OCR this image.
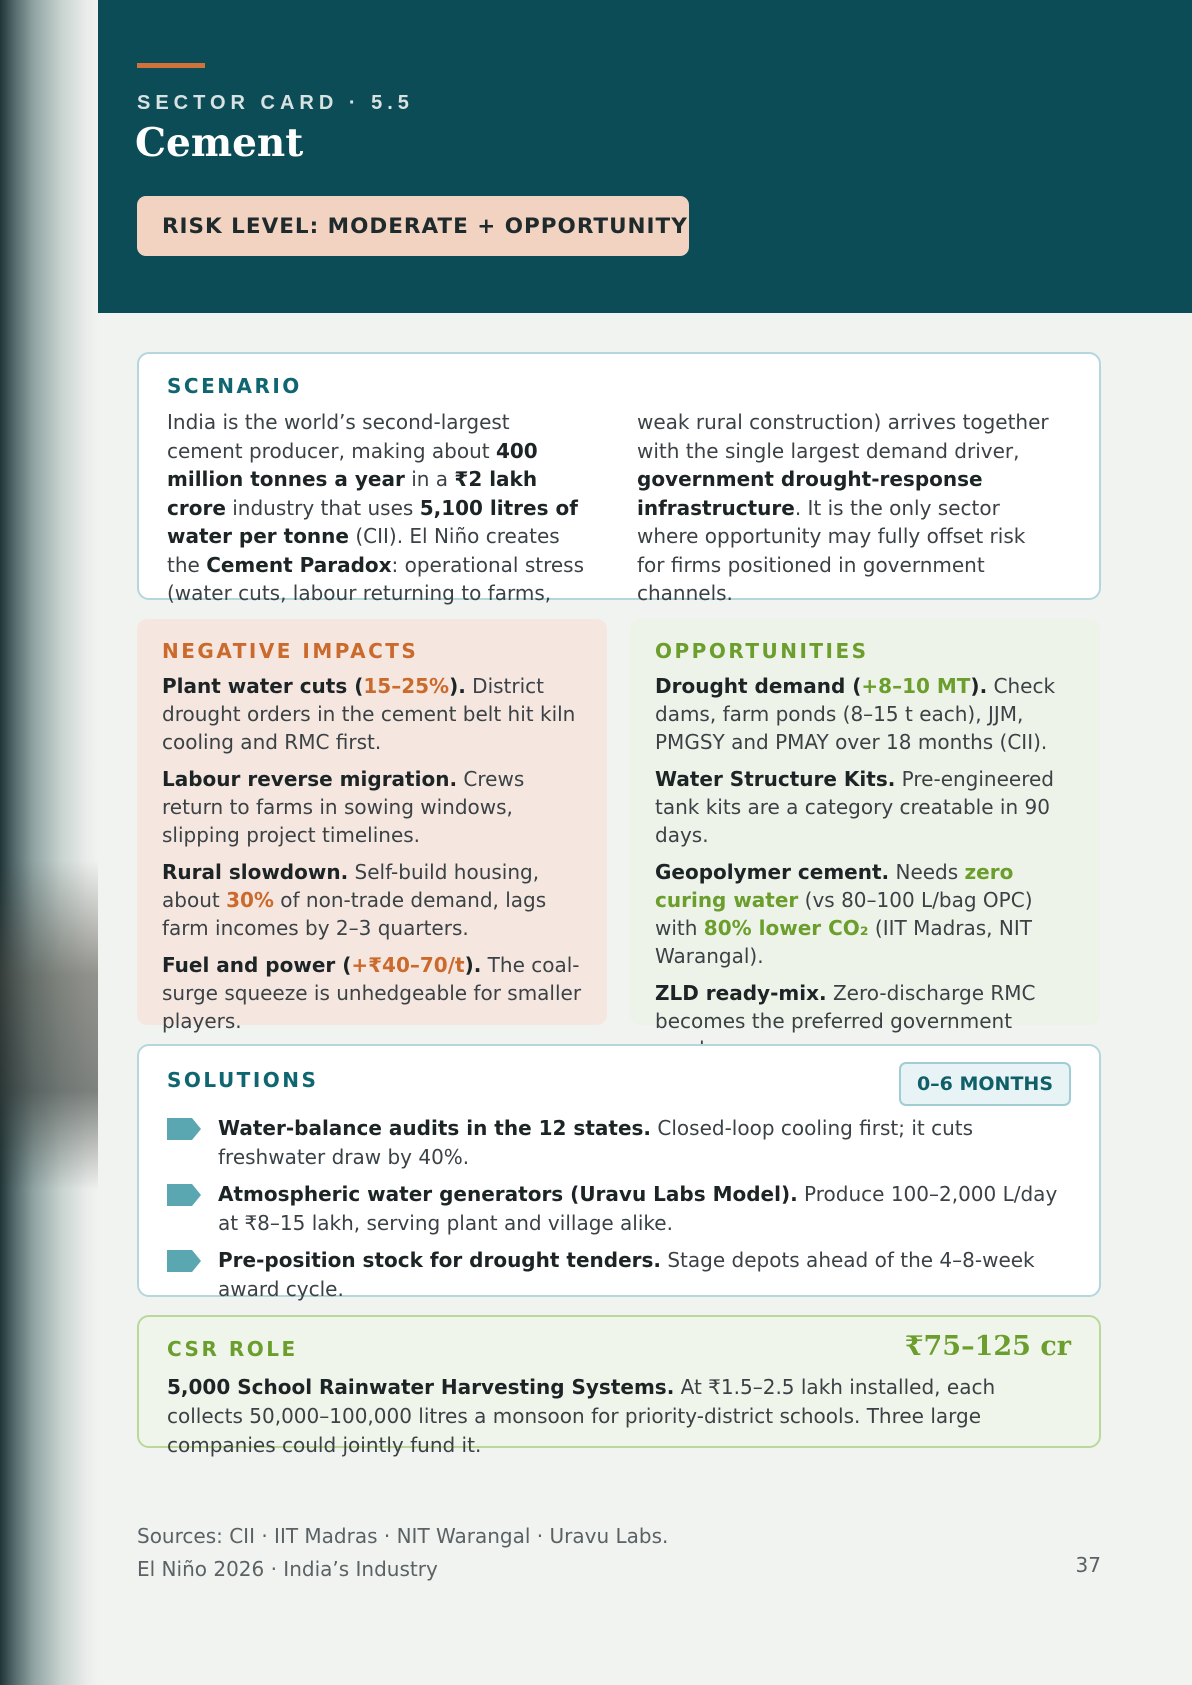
SECTOR CARD · 5.5
Cement
RISK LEVEL: MODERATE + OPPORTUNITY
SCENARIO
India is the world’s second-largest cement producer, making about 400 million tonnes a year in a ₹2 lakh crore industry that uses 5,100 litres of water per tonne (CII). El Niño creates the Cement Paradox: operational stress (water cuts, labour returning to farms,
weak rural construction) arrives together with the single largest demand driver, government drought-response infrastructure. It is the only sector where opportunity may fully offset risk for firms positioned in government channels.
NEGATIVE IMPACTS
Plant water cuts (15–25%). District drought orders in the cement belt hit kiln cooling and RMC first.
Labour reverse migration. Crews return to farms in sowing windows, slipping project timelines.
Rural slowdown. Self-build housing, about 30% of non-trade demand, lags farm incomes by 2–3 quarters.
Fuel and power (+₹40–70/t). The coal-surge squeeze is unhedgeable for smaller players.
OPPORTUNITIES
Drought demand (+8–10 MT). Check dams, farm ponds (8–15 t each), JJM, PMGSY and PMAY over 18 months (CII).
Water Structure Kits. Pre-engineered tank kits are a category creatable in 90 days.
Geopolymer cement. Needs zero curing water (vs 80–100 L/bag OPC) with 80% lower CO₂ (IIT Madras, NIT Warangal).
ZLD ready-mix. Zero-discharge RMC becomes the preferred government
SOLUTIONS	0–6 MONTHS
Water-balance audits in the 12 states. Closed-loop cooling first; it cuts freshwater draw by 40%.
Atmospheric water generators (Uravu Labs Model). Produce 100–2,000 L/day at ₹8–15 lakh, serving plant and village alike.
Pre-position stock for drought tenders. Stage depots ahead of the 4–8-week award cycle.
CSR ROLE	₹75–125 cr
5,000 School Rainwater Harvesting Systems. At ₹1.5–2.5 lakh installed, each collects 50,000–100,000 litres a monsoon for priority-district schools. Three large companies could jointly fund it.
Sources: CII · IIT Madras · NIT Warangal · Uravu Labs.
El Niño 2026 · India’s Industry	37
